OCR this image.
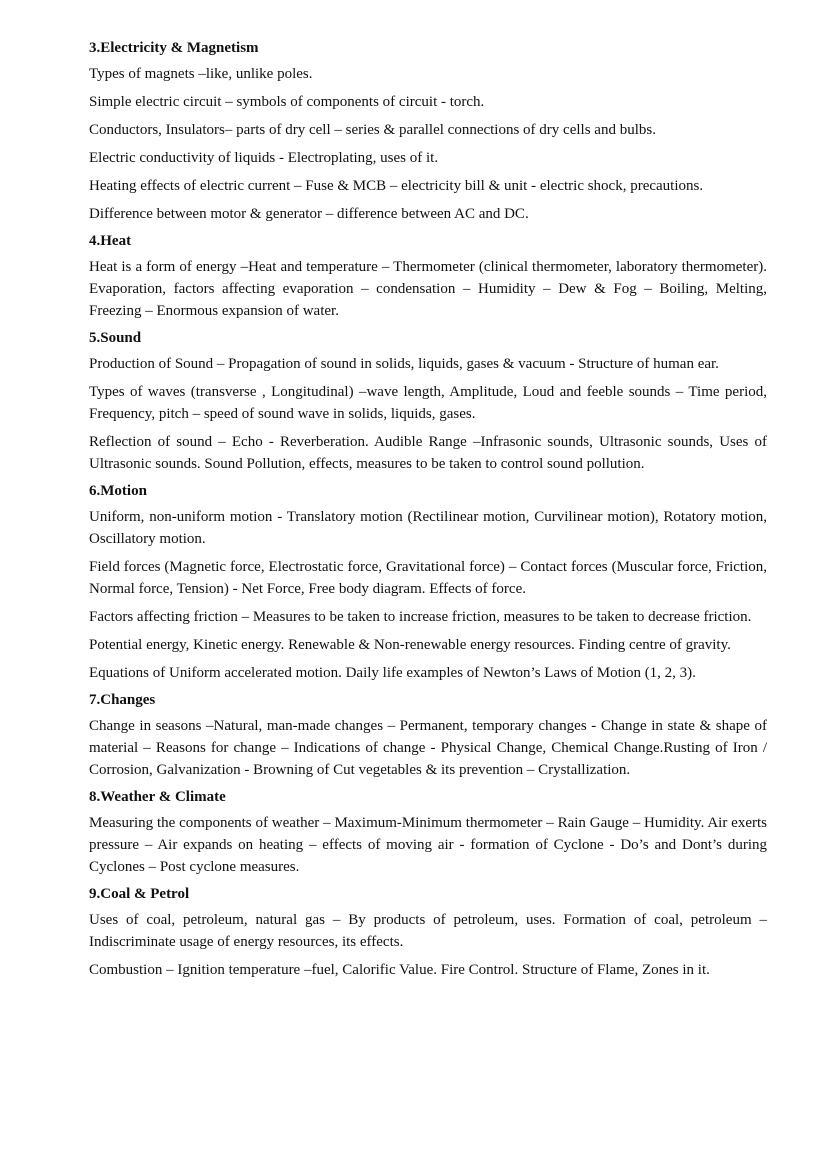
3.Electricity & Magnetism

Types of magnets –like, unlike poles.

Simple electric circuit – symbols of components of circuit - torch.

Conductors, Insulators– parts of dry cell – series & parallel connections of dry cells and bulbs.

Electric conductivity of liquids - Electroplating, uses of it.

Heating effects of electric current – Fuse & MCB – electricity bill & unit - electric shock, precautions.

Difference between motor & generator – difference between AC and DC.

4.Heat

Heat is a form of energy –Heat and temperature – Thermometer (clinical thermometer, laboratory thermometer). Evaporation, factors affecting evaporation – condensation – Humidity – Dew & Fog – Boiling, Melting, Freezing – Enormous expansion of water.

5.Sound

Production of Sound – Propagation of sound in solids, liquids, gases & vacuum - Structure of human ear.

Types of waves (transverse , Longitudinal) –wave length, Amplitude, Loud and feeble sounds – Time period, Frequency, pitch – speed of sound wave in solids, liquids, gases.

Reflection of sound – Echo - Reverberation. Audible Range –Infrasonic sounds, Ultrasonic sounds, Uses of Ultrasonic sounds. Sound Pollution, effects, measures to be taken to control sound pollution.

6.Motion

Uniform, non-uniform motion - Translatory motion (Rectilinear motion, Curvilinear motion), Rotatory motion, Oscillatory motion.

Field forces (Magnetic force, Electrostatic force, Gravitational force) – Contact forces (Muscular force, Friction, Normal force, Tension) - Net Force, Free body diagram. Effects of force.

Factors affecting friction – Measures to be taken to increase friction, measures to be taken to decrease friction.

Potential energy, Kinetic energy. Renewable & Non-renewable energy resources. Finding centre of gravity.

Equations of Uniform accelerated motion. Daily life examples of Newton’s Laws of Motion (1, 2, 3).

7.Changes

Change in seasons –Natural, man-made changes – Permanent, temporary changes - Change in state & shape of material – Reasons for change – Indications of change - Physical Change, Chemical Change.Rusting of Iron / Corrosion, Galvanization - Browning of Cut vegetables & its prevention – Crystallization.

8.Weather & Climate

Measuring the components of weather – Maximum-Minimum thermometer – Rain Gauge – Humidity. Air exerts pressure – Air expands on heating – effects of moving air - formation of Cyclone - Do’s and Dont’s during Cyclones – Post cyclone measures.

9.Coal & Petrol

Uses of coal, petroleum, natural gas – By products of petroleum, uses. Formation of coal, petroleum – Indiscriminate usage of energy resources, its effects.

Combustion – Ignition temperature –fuel, Calorific Value. Fire Control. Structure of Flame, Zones in it.
